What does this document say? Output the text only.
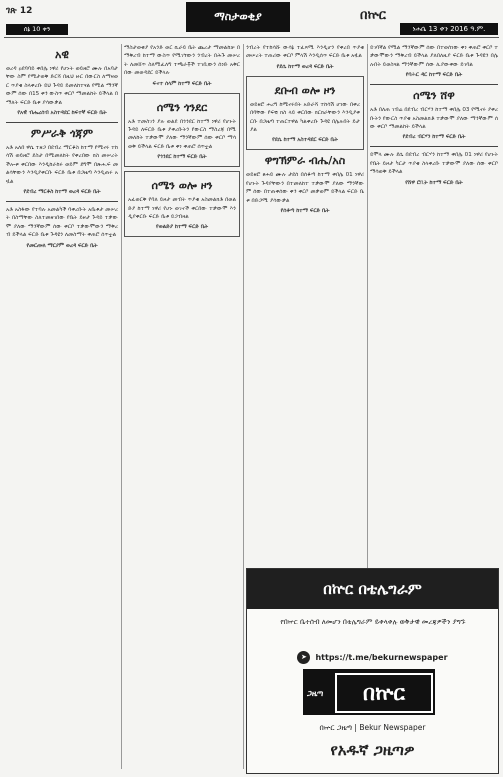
ገጽ 12
ሰኔ 10 ቀን
ማስታወቂያ	በኵር
ነሐሴ 13 ቀን 2016 ዓ.ም.
አዊ
ወረዳ ዐደባባይ ቀበሌ ነዋሪ የሆኑት ወይዘሮ ሙሉ በአባታቸው ስም የሚታወቅ ድርሻ በዚህ ዙር በውርስ ለማዛወር ጥያቄ ስላቀረቡ ይህ ጉዳይ ይመለከተናል የሚል ማንኛውም ሰው በ15 ቀን ውስጥ ቀርቦ ማመልከት ይችላል በማለት ፍርድ ቤቱ ያሳውቃል
የአዊ ብሔረሰብ አስተዳደር ከፍተኛ ፍርድ ቤት
ምሥራቅ ጎጃም
አቶ አለበ ዋሴ ተዘጋ በደብረ ማርቆስ ከተማ የሚኖሩ ተከሳሽ ወይዘሮ ደስታ በሚመለከት የቀረበው ክስ መሠረት ችሎቱ ቀርበው እንዲከራከሩ ወይም ደግሞ በጽሑፍ መልሳቸውን እንዲያቀርቡ ፍርድ ቤቱ በጋዜጣ እንዲጠሩ አዟል
የደብረ ማርቆስ ከተማ ወረዳ ፍርድ ቤት
አቶ አስፋው የተባሉ አመልካች ባቀረቡት አቤቱታ መሠረት በስማቸው ስለተመዘገበው የቤት ይዞታ ጉዳይ ተቃውሞ ያለው ማንኛውም ሰው ቀርቦ ተቃውሞውን ማቅረብ ይችላል ፍርድ ቤቱ ጉዳዩን ለመስማት ቀጠሮ ሰጥቷል
የመርጡለ ማርያም ወረዳ ፍርድ ቤት
ማስታወቂያ የአንድ ወር ኪራይ ቤት ጨረታ ማመልከቻ በማቅረብ ከተማ ውስጥ የሚገኘውን ንብረት በሕጉ መሠረት ለመሸጥ ስለሚፈለግ ተጫራቾች ተገቢውን ሰነድ አቅርበው መወዳደር ይችላሉ
ፍኖተ ሰላም ከተማ ፍርድ ቤት
ሰሜን ጎንደር
አቶ ተመስገን ያሉ ወልደ በጎንደር ከተማ ነዋሪ የሆኑት ጉዳይ ለፍርድ ቤቱ ያቀረቡትን የውርስ ማስረጃ በሚመለከት ተቃውሞ ያለው ማንኛውም ሰው ቀርቦ ማሳወቅ ይችላል ፍርድ ቤቱ ቀነ ቀጠሮ ሰጥቷል
የጎንደር ከተማ ፍርድ ቤት
ሰሜን ወሎ ዞን
አፈወርቅ የባለ ይዞታ መብት ጥያቄ አስመልክቶ በወልድያ ከተማ ነዋሪ የሆኑ ወገኖች ቀርበው ተቃውሞ እንዲያቀርቡ ፍርድ ቤቱ ይጋብዛል
የወልድያ ከተማ ፍርድ ቤት
ንብረት የተከሳሹ ውሳኔ ተፈጻሚ እንዲሆን የቀረበ ጥያቄ መሠረት ተጠሪው ቀርቦ ምላሽ እንዲሰጥ ፍርድ ቤቱ አዟል
የደሴ ከተማ ወረዳ ፍርድ ቤት
ደቡብ ወሎ ዞን
ወይዘሮ ሐረግ ከሚኖሩበት አድራሻ ተከሳሽ ሆነው በቀረበባቸው የፍቺ ክስ ላይ ቀርበው ክርክራቸውን እንዲያቀርቡ በጋዜጣ ተጠርተዋል ካልቀረቡ ጉዳዩ በሌሉበት ይታያል
የደሴ ከተማ አስተዳደር ፍርድ ቤት
ዋግኽምራ ብሔ/አስ
ወይዘሮ ፀሐይ ሙሉ ታደሰ በሰቆጣ ከተማ ቀበሌ 01 ነዋሪ የሆኑት ጉዳያቸውን በተመለከተ ተቃውሞ ያለው ማንኛውም ሰው በተጠቀሰው ቀን ቀርቦ መቃወም ይችላል ፍርድ ቤቱ በድጋሚ ያሳውቃል
የሰቆጣ ከተማ ፍርድ ቤት
ይገባኛል የሚል ማንኛውም ሰው በተወሰነው ቀነ ቀጠሮ ቀርቦ ተቃውሞውን ማቅረብ ይችላል ያለበለዚያ ፍርድ ቤቱ ጉዳዩን በሌሉበት ይወስናል ማንኛውም ሰው ሊያውቀው ይገባል
የባሕር ዳር ከተማ ፍርድ ቤት
ሰሜን ሸዋ
አቶ በለጠ ገብሬ በደብረ ብርሃን ከተማ ቀበሌ 03 የሚኖሩ ያቀረቡትን የውርስ ጥያቄ አስመልክቶ ተቃውሞ ያለው ማንኛውም ሰው ቀርቦ ማመልከት ይችላል
የደብረ ብርሃን ከተማ ፍርድ ቤት
ይሞላ ሙሉ ደሴ በደብረ ብርሃን ከተማ ቀበሌ 01 ነዋሪ የሆኑት የቤት ይዞታ ካርታ ጥያቄ ስላቀረቡ ተቃውሞ ያለው ሰው ቀርቦ ማሳወቅ ይችላል
የሸዋ ሮቢት ከተማ ፍርድ ቤት
በኵር በቴሌግራም
የበኵር ቤተሰብ ለመሆን በቴሌግራም ይቀላቀሉ ወቅታዊ መረጃዎችን ያግኙ
➤	https://t.me/bekurnewspaper
ጋዜጣ	በኵር
በኵር ጋዜጣ | Bekur Newspaper
የአዱኛ ጋዜጣዎ
